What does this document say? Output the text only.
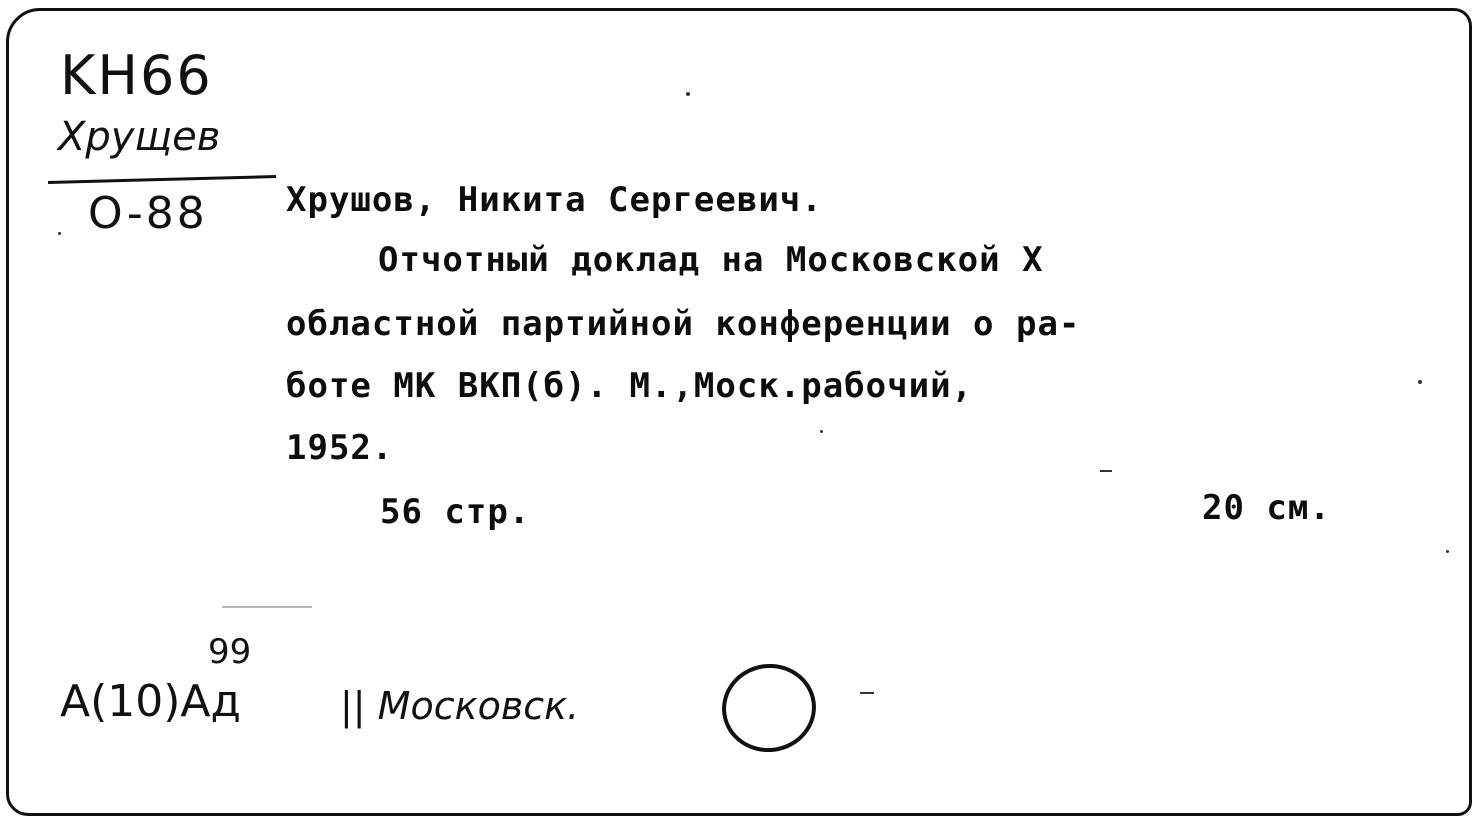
KH66
Хрущев
O-88 Хрушов, Никита Сергеевич.
Отчотный доклад на Московской Х
областной партийной конференции о ра-
боте МК ВКП(б). М.,Моск.рабочий,
1952.
56 стр.	20 см.
99
А(10)Ад	|| Московск.
